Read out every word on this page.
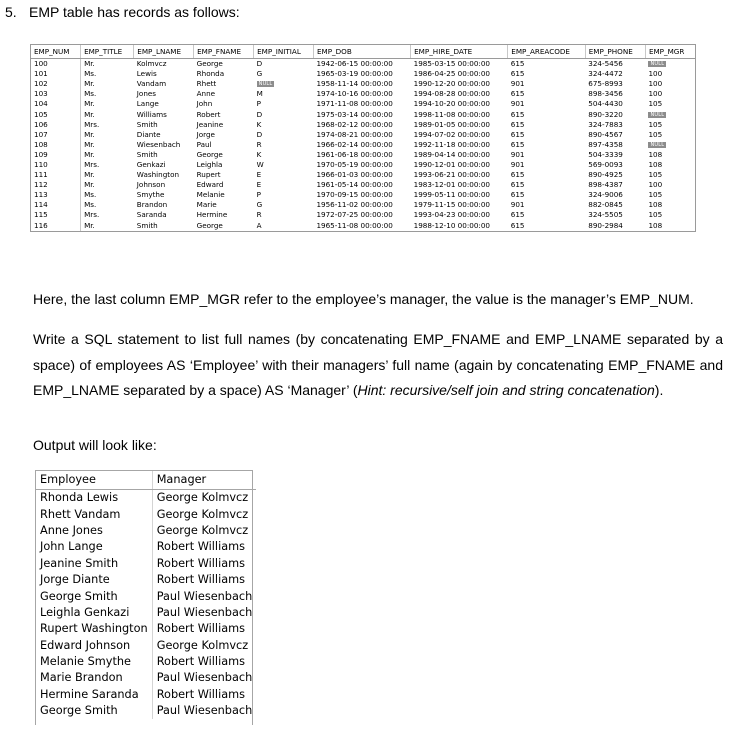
5. EMP table has records as follows:
EMP_NUM	EMP_TITLE	EMP_LNAME	EMP_FNAME	EMP_INITIAL	EMP_DOB	EMP_HIRE_DATE	EMP_AREACODE	EMP_PHONE	EMP_MGR
100	Mr.	Kolmvcz	George	D	1942-06-15 00:00:00	1985-03-15 00:00:00	615	324-5456	NULL
101	Ms.	Lewis	Rhonda	G	1965-03-19 00:00:00	1986-04-25 00:00:00	615	324-4472	100
102	Mr.	Vandam	Rhett	NULL	1958-11-14 00:00:00	1990-12-20 00:00:00	901	675-8993	100
103	Ms.	Jones	Anne	M	1974-10-16 00:00:00	1994-08-28 00:00:00	615	898-3456	100
104	Mr.	Lange	John	P	1971-11-08 00:00:00	1994-10-20 00:00:00	901	504-4430	105
105	Mr.	Williams	Robert	D	1975-03-14 00:00:00	1998-11-08 00:00:00	615	890-3220	NULL
106	Mrs.	Smith	Jeanine	K	1968-02-12 00:00:00	1989-01-05 00:00:00	615	324-7883	105
107	Mr.	Diante	Jorge	D	1974-08-21 00:00:00	1994-07-02 00:00:00	615	890-4567	105
108	Mr.	Wiesenbach	Paul	R	1966-02-14 00:00:00	1992-11-18 00:00:00	615	897-4358	NULL
109	Mr.	Smith	George	K	1961-06-18 00:00:00	1989-04-14 00:00:00	901	504-3339	108
110	Mrs.	Genkazi	Leighla	W	1970-05-19 00:00:00	1990-12-01 00:00:00	901	569-0093	108
111	Mr.	Washington	Rupert	E	1966-01-03 00:00:00	1993-06-21 00:00:00	615	890-4925	105
112	Mr.	Johnson	Edward	E	1961-05-14 00:00:00	1983-12-01 00:00:00	615	898-4387	100
113	Ms.	Smythe	Melanie	P	1970-09-15 00:00:00	1999-05-11 00:00:00	615	324-9006	105
114	Ms.	Brandon	Marie	G	1956-11-02 00:00:00	1979-11-15 00:00:00	901	882-0845	108
115	Mrs.	Saranda	Hermine	R	1972-07-25 00:00:00	1993-04-23 00:00:00	615	324-5505	105
116	Mr.	Smith	George	A	1965-11-08 00:00:00	1988-12-10 00:00:00	615	890-2984	108
Here, the last column EMP_MGR refer to the employee’s manager, the value is the manager’s EMP_NUM.
Write a SQL statement to list full names (by concatenating EMP_FNAME and EMP_LNAME separated by a space) of employees AS ‘Employee’ with their managers’ full name (again by concatenating EMP_FNAME and EMP_LNAME separated by a space) AS ‘Manager’ (Hint: recursive/self join and string concatenation).
Output will look like:
Employee	Manager
Rhonda Lewis	George Kolmvcz
Rhett Vandam	George Kolmvcz
Anne Jones	George Kolmvcz
John Lange	Robert Williams
Jeanine Smith	Robert Williams
Jorge Diante	Robert Williams
George Smith	Paul Wiesenbach
Leighla Genkazi	Paul Wiesenbach
Rupert Washington	Robert Williams
Edward Johnson	George Kolmvcz
Melanie Smythe	Robert Williams
Marie Brandon	Paul Wiesenbach
Hermine Saranda	Robert Williams
George Smith	Paul Wiesenbach
